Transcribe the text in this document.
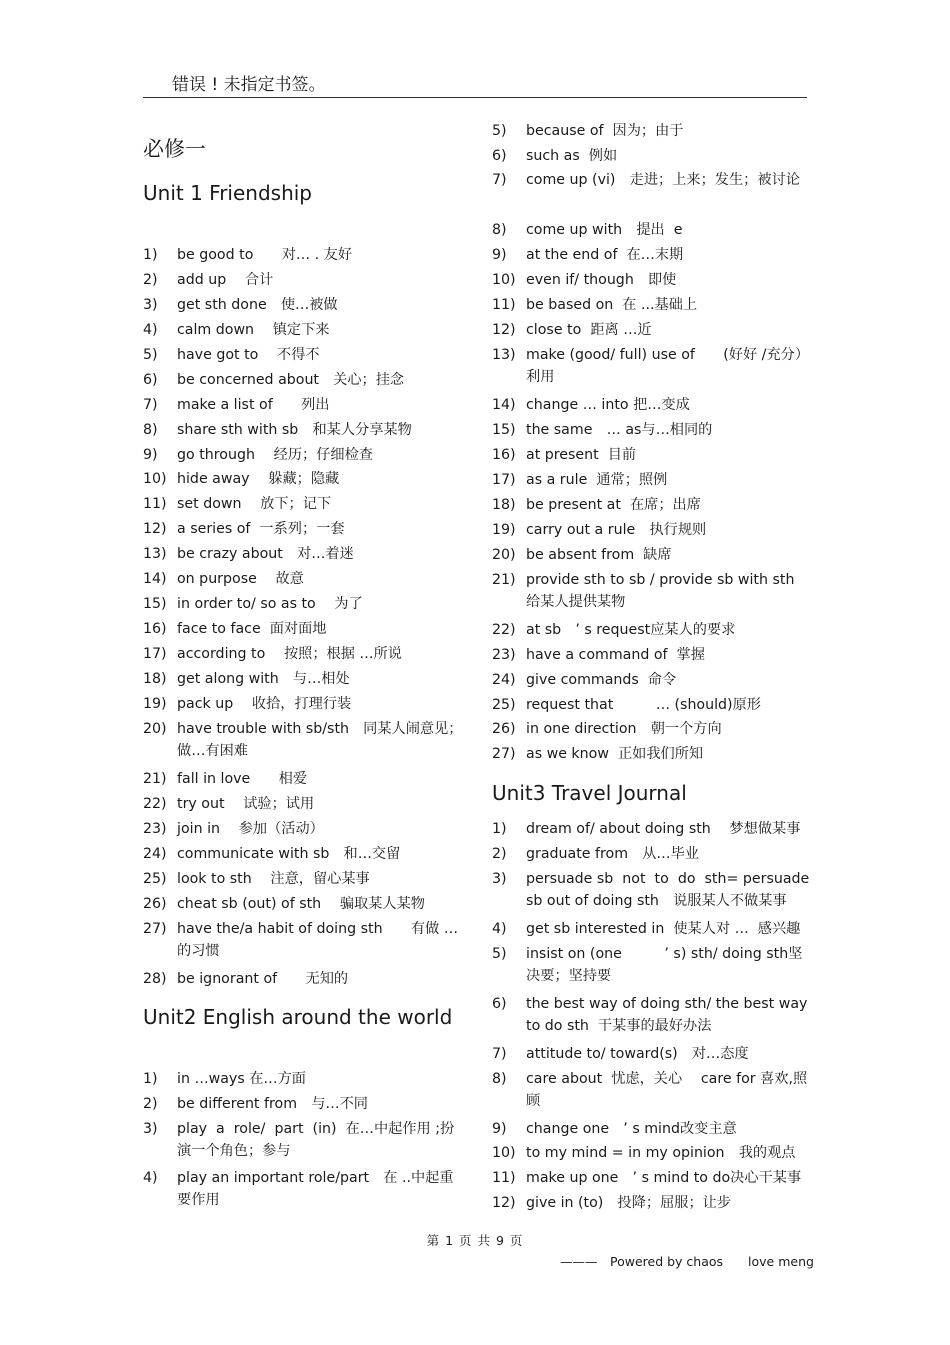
错误 ! 未指定书签。
必修一
Unit 1 Friendship
1)	be good to　　对… . 友好
2)	add up　 合计
3)	get sth done　使…被做
4)	calm down　 镇定下来
5)	have got to　 不得不
6)	be concerned about　关心；挂念
7)	make a list of　　列出
8)	share sth with sb　和某人分享某物
9)	go through　 经历；仔细检查
10) hide away　 躲藏；隐藏
11) set down　 放下；记下
12) a series of  一系列；一套
13) be crazy about　对…着迷
14) on purpose　 故意
15) in order to/ so as to　 为了
16) face to face  面对面地
17) according to　 按照；根据 …所说
18) get along with　与…相处
19) pack up　 收拾，打理行装
20) have trouble with sb/sth　同某人闹意见；做…有困难
21) fall in love　　相爱
22) try out　 试验；试用
23) join in　 参加（活动）
24) communicate with sb　和…交留
25) look to sth　 注意，留心某事
26) cheat sb (out) of sth　 骗取某人某物
27) have the/a habit of doing sth　　有做 …的习惯
28) be ignorant of　　无知的
Unit2 English around the world
1)	in …ways 在…方面
2)	be different from　与…不同
3)	play  a  role/  part  (in)  在…中起作用 ;扮演一个角色；参与
4)	play an important role/part　在 ..中起重要作用
5)	because of  因为；由于
6)	such as  例如
7)	come up (vi)　走进；上来；发生；被讨论
8)	come up with　提出  e
9)	at the end of  在…末期
10) even if/ though　即使
11) be based on  在 ...基础上
12) close to  距离 …近
13) make (good/ full) use of　　(好好 /充分）利用
14) change … into 把…变成
15) the same　… as与…相同的
16) at present  目前
17) as a rule  通常；照例
18) be present at  在席；出席
19) carry out a rule　执行规则
20) be absent from  缺席
21) provide sth to sb / provide sb with sth　  给某人提供某物
22) at sb　’ s request应某人的要求
23) have a command of  掌握
24) give commands  命令
25) request that　　　… (should)原形
26) in one direction　朝一个方向
27) as we know  正如我们所知
Unit3 Travel Journal
1)	dream of/ about doing sth　 梦想做某事
2)	graduate from　从…毕业
3)	persuade sb  not  to  do  sth= persuade sb out of doing sth　说服某人不做某事
4)	get sb interested in  使某人对 …  感兴趣
5)	insist on (one　　　’ s) sth/ doing sth坚决要；坚持要
6)	the best way of doing sth/ the best way to do sth  干某事的最好办法
7)	attitude to/ toward(s)　对…态度
8)	care about  忧虑，关心　 care for 喜欢,照顾
9)	change one　’ s mind改变主意
10) to my mind = in my opinion　我的观点
11) make up one　’ s mind to do决心干某事
12) give in (to)　投降；屈服；让步
第 1 页 共 9 页
———　Powered by chaos　　love meng
